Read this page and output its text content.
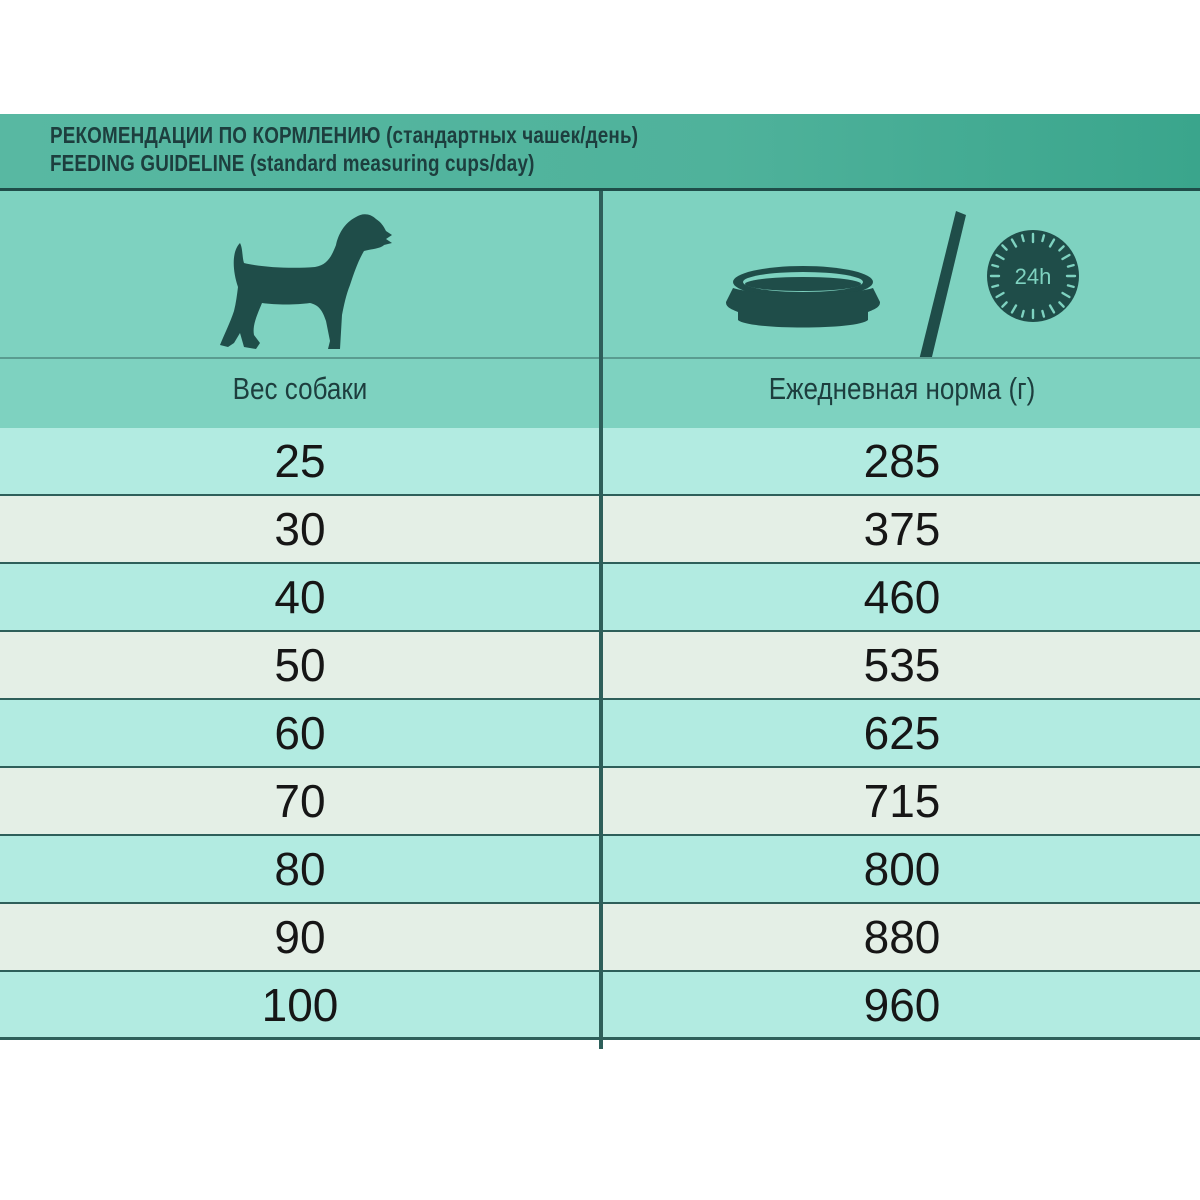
РЕКОМЕНДАЦИИ ПО КОРМЛЕНИЮ (стандартных чашек/день)
FEEDING GUIDELINE (standard measuring cups/day)
24h
Вес собаки	Ежедневная норма (г)
25	285
30	375
40	460
50	535
60	625
70	715
80	800
90	880
100	960
